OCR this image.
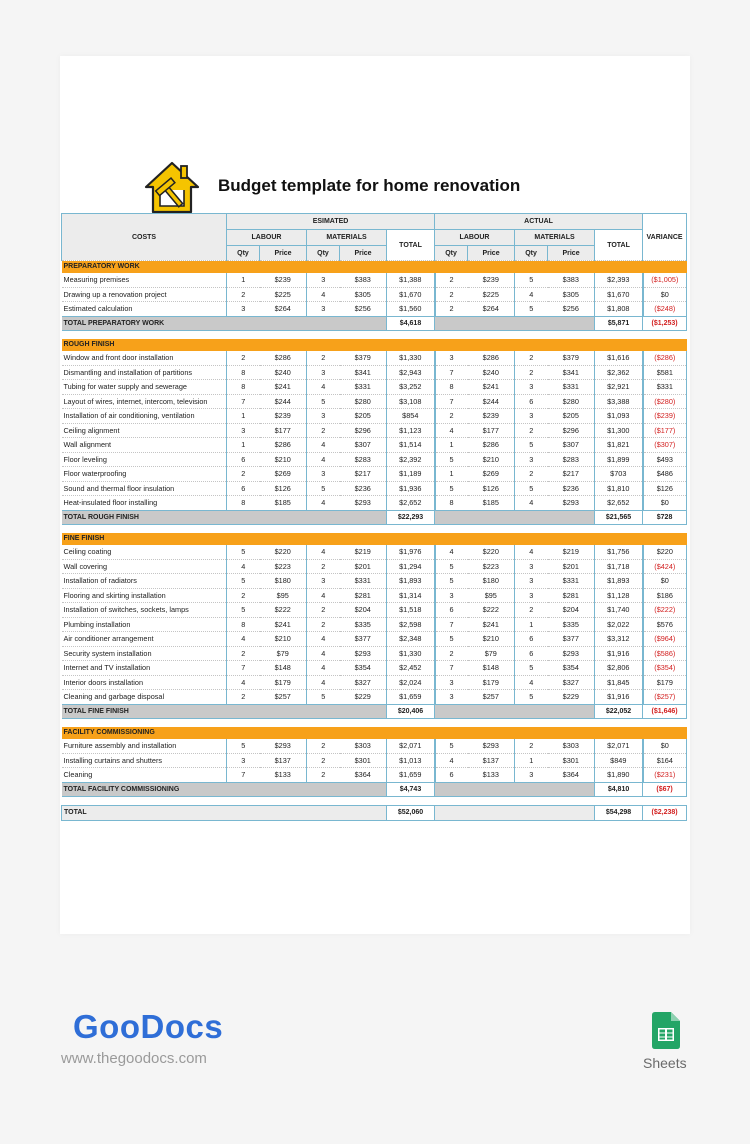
Budget template for home renovation
COSTS	ESIMATED					ACTUAL					VARIANCE
	LABOUR		MATERIALS		TOTAL	LABOUR		MATERIALS		TOTAL	
	Qty	Price	Qty	Price		Qty	Price	Qty	Price		
PREPARATORY WORK											
Measuring premises	1	$239	3	$383	$1,388	2	$239	5	$383	$2,393	($1,005)
Drawing up a renovation project	2	$225	4	$305	$1,670	2	$225	4	$305	$1,670	$0
Estimated calculation	3	$264	3	$256	$1,560	2	$264	5	$256	$1,808	($248)
TOTAL PREPARATORY WORK					$4,618					$5,871	($1,253)

ROUGH FINISH											
Window and front door installation	2	$286	2	$379	$1,330	3	$286	2	$379	$1,616	($286)
Dismantling and installation of partitions	8	$240	3	$341	$2,943	7	$240	2	$341	$2,362	$581
Tubing for water supply and sewerage	8	$241	4	$331	$3,252	8	$241	3	$331	$2,921	$331
Layout of wires, internet, intercom, television	7	$244	5	$280	$3,108	7	$244	6	$280	$3,388	($280)
Installation of air conditioning, ventilation	1	$239	3	$205	$854	2	$239	3	$205	$1,093	($239)
Ceiling alignment	3	$177	2	$296	$1,123	4	$177	2	$296	$1,300	($177)
Wall alignment	1	$286	4	$307	$1,514	1	$286	5	$307	$1,821	($307)
Floor leveling	6	$210	4	$283	$2,392	5	$210	3	$283	$1,899	$493
Floor waterproofing	2	$269	3	$217	$1,189	1	$269	2	$217	$703	$486
Sound and thermal floor insulation	6	$126	5	$236	$1,936	5	$126	5	$236	$1,810	$126
Heat-insulated floor installing	8	$185	4	$293	$2,652	8	$185	4	$293	$2,652	$0
TOTAL ROUGH FINISH					$22,293					$21,565	$728

FINE FINISH											
Ceiling coating	5	$220	4	$219	$1,976	4	$220	4	$219	$1,756	$220
Wall covering	4	$223	2	$201	$1,294	5	$223	3	$201	$1,718	($424)
Installation of radiators	5	$180	3	$331	$1,893	5	$180	3	$331	$1,893	$0
Flooring and skirting installation	2	$95	4	$281	$1,314	3	$95	3	$281	$1,128	$186
Installation of switches, sockets, lamps	5	$222	2	$204	$1,518	6	$222	2	$204	$1,740	($222)
Plumbing installation	8	$241	2	$335	$2,598	7	$241	1	$335	$2,022	$576
Air conditioner arrangement	4	$210	4	$377	$2,348	5	$210	6	$377	$3,312	($964)
Security system installation	2	$79	4	$293	$1,330	2	$79	6	$293	$1,916	($586)
Internet and TV installation	7	$148	4	$354	$2,452	7	$148	5	$354	$2,806	($354)
Interior doors installation	4	$179	4	$327	$2,024	3	$179	4	$327	$1,845	$179
Cleaning and garbage disposal	2	$257	5	$229	$1,659	3	$257	5	$229	$1,916	($257)
TOTAL FINE FINISH					$20,406					$22,052	($1,646)

FACILITY COMMISSIONING											
Furniture assembly and installation	5	$293	2	$303	$2,071	5	$293	2	$303	$2,071	$0
Installing curtains and shutters	3	$137	2	$301	$1,013	4	$137	1	$301	$849	$164
Cleaning	7	$133	2	$364	$1,659	6	$133	3	$364	$1,890	($231)
TOTAL FACILITY COMMISSIONING					$4,743					$4,810	($67)

TOTAL					$52,060					$54,298	($2,238)
GooDocs
www.thegoodocs.com	Sheets
